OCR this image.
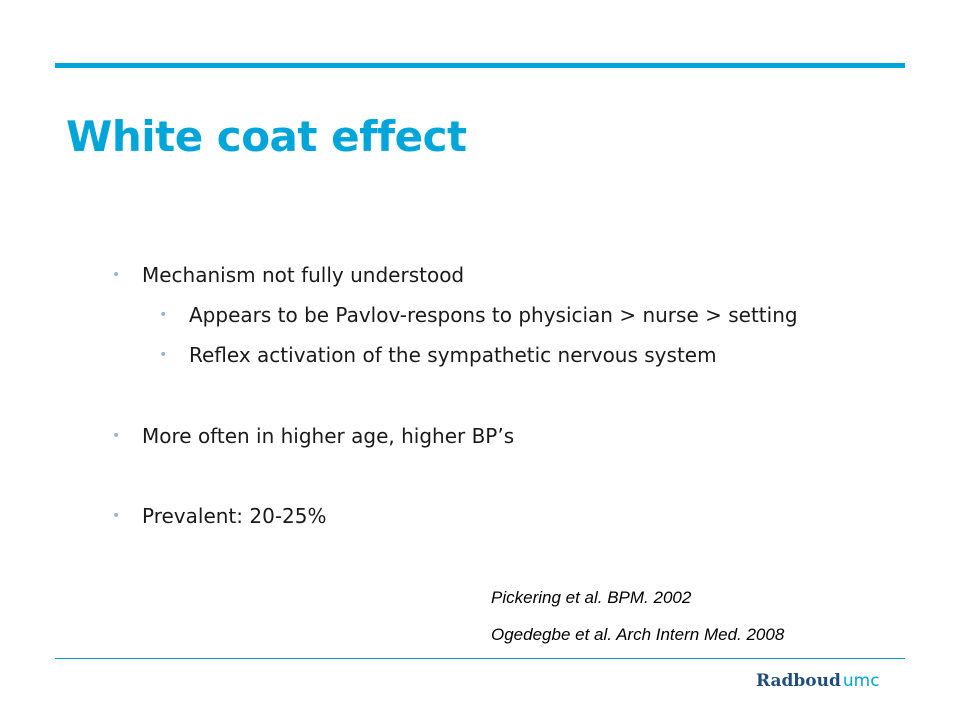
White coat effect
• Mechanism not fully understood
• Appears to be Pavlov-respons to physician > nurse > setting
• Reflex activation of the sympathetic nervous system
• More often in higher age, higher BP’s
• Prevalent: 20-25%
Pickering et al. BPM. 2002
Ogedegbe et al. Arch Intern Med. 2008
Radboud umc
